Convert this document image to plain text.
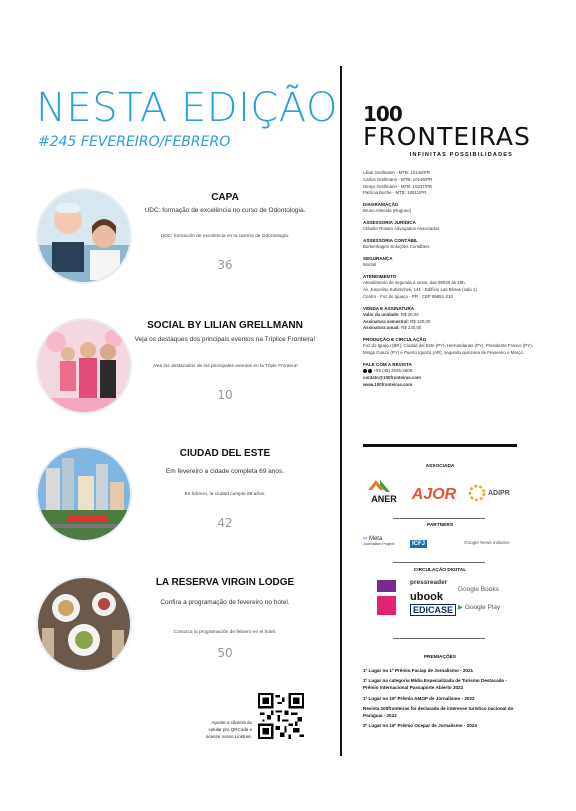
NESTA EDIÇÃO
#245 FEVEREIRO/FEBRERO
CAPA
UDC: formação de excelência no curso de Odontologia.
UDC: formación de excelencia en la carrera de Odontología.
36
SOCIAL BY LILIAN GRELLMANN
Veja os destaques dos principais eventos na Tríplice Fronteira!
¡Vea los destacados de los principales eventos en la Triple Frontera!
10
CIUDAD DEL ESTE
Em fevereiro a cidade completa 69 anos.
En febrero, la ciudad cumple 69 años.
42
LA RESERVA VIRGIN LODGE
Confira a programação de fevereiro no hotel.
Conozca la programación de febrero en el hotel.
50
Aponte a câmera do celular pro QRCode e acesse nosso Linktree.
100
FRONTEIRAS
INFINITAS POSSIBILIDADES
Lilian Grellmann - MTB: 10148/PR
Carlos Grellmann - MTB: 10146/PR
Denys Grellmann - MTB: 10337/PR
Patrícia Buche - MTB: 10911/PR
DIAGRAMAÇÃO
Bruno Almeida (Ruguno)
ASSESSORIA JURÍDICA
Cláudio Rosato Advogados Associados
ASSESSORIA CONTÁBIL
Borkenhagen Soluções Contábeis
SEGURANÇA
Montal
ATENDIMENTO
Atendimento de segunda à sexta, das 08h30 às 18h.
Av. Juscelino Kubitschek, 141 - Edifício Las Brisas (sala 1)
Centro - Foz do Iguaçu - PR - CEP 85851-210
VENDA E ASSINATURA
Valor da unidade: R$ 20,00
Assinatura semestral: R$ 120,00
Assinatura anual: R$ 240,00
PRODUÇÃO E CIRCULAÇÃO
Foz do Iguaçu (BR), Ciudad del Este (PY), Hernandarias (PY), Presidente Franco (PY), Minga Guazú (PY) e Puerto Iguazú (AR), segunda quinzena de Fevereiro e Março.
FALE COM A REVISTA
+55 (45) 3025-2609
contato@100fronteiras.com
www.100fronteiras.com
ASSOCIADA
ANER AJOR	ADIPR
PARTNERS
∞ Meta
Journalism Project	ICFJ	Google News Initiative
CIRCULAÇÃO DIGITAL
pressreader
ubook
EDICASE
Google Books
▶ Google Play
PREMIAÇÕES
1º Lugar no 1º Prêmio Faciap de Jornalismo - 2021
1º Lugar na categoria Mídia Especializada de Turismo Destacado - Prêmio Internacional Passaporte Abierto 2022
1º Lugar no 16º Prêmio AMOP de Jornalismo - 2022
Revista 100fronteiras foi declarada de interesse turístico nacional do Paraguai - 2022
3º Lugar no 16º Prêmio Ocepar de Jornalismo - 2024
